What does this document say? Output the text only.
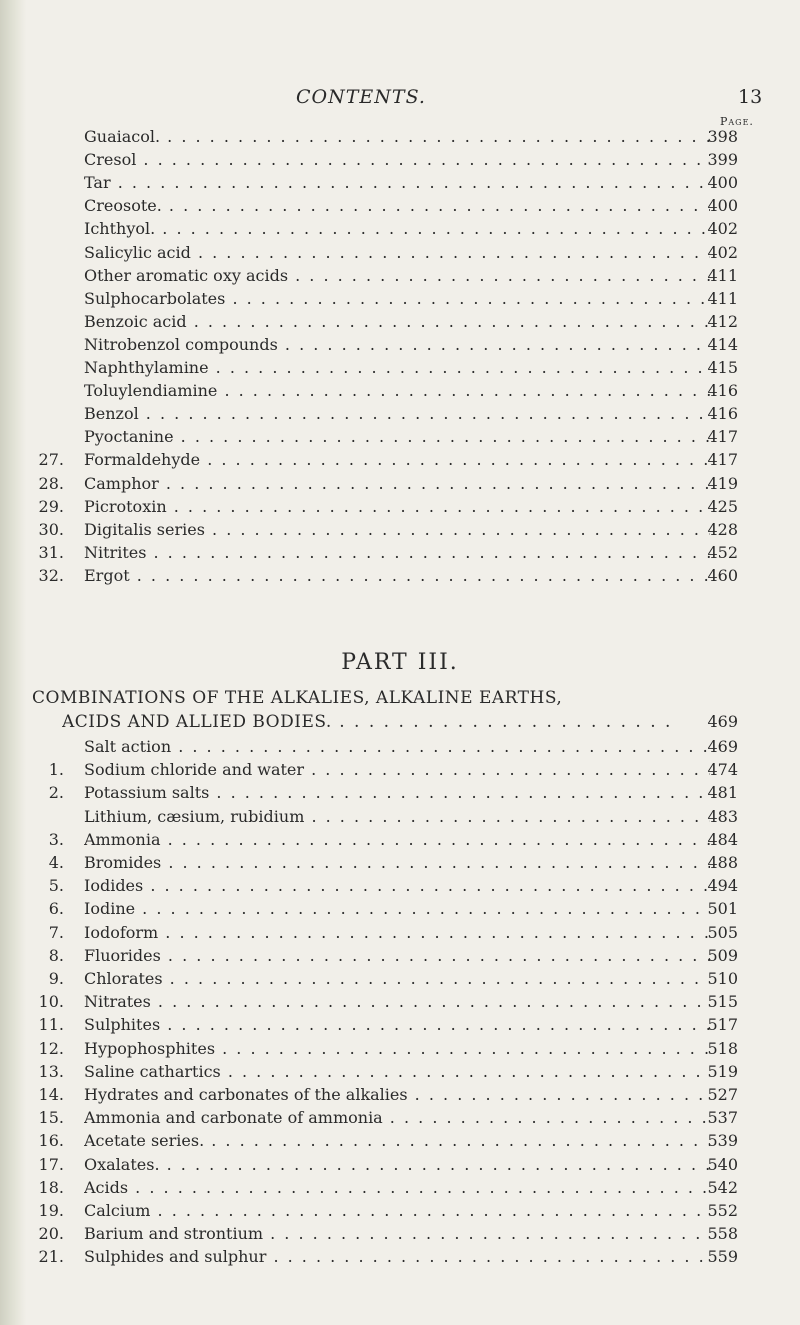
CONTENTS.	13
Page.
Guaiacol. . .	398
Cresol . .	399
Tar . .	400
Creosote. . .	400
Ichthyol. . .	402
Salicylic acid . .	402
Other aromatic oxy acids . .	411
Sulphocarbolates . .	411
Benzoic acid . .	412
Nitrobenzol compounds . .	414
Naphthylamine . .	415
Toluylendiamine . .	416
Benzol . .	416
Pyoctanine . .	417
27. Formaldehyde . .	417
28. Camphor . .	419
29. Picrotoxin . .	425
30. Digitalis series . .	428
31. Nitrites . .	452
32. Ergot . .	460
PART III.
COMBINATIONS OF THE ALKALIES, ALKALINE EARTHS,
ACIDS AND ALLIED BODIES. . .	469
Salt action . .	469
1. Sodium chloride and water . .	474
2. Potassium salts . .	481
Lithium, cæsium, rubidium . .	483
3. Ammonia . .	484
4. Bromides . .	488
5. Iodides . .	494
6. Iodine . .	501
7. Iodoform . .	505
8. Fluorides . .	509
9. Chlorates . .	510
10. Nitrates . .	515
11. Sulphites . .	517
12. Hypophosphites . .	518
13. Saline cathartics . .	519
14. Hydrates and carbonates of the alkalies . .	527
15. Ammonia and carbonate of ammonia . .	537
16. Acetate series. . .	539
17. Oxalates. . .	540
18. Acids . .	542
19. Calcium . .	552
20. Barium and strontium . .	558
21. Sulphides and sulphur . .	559
